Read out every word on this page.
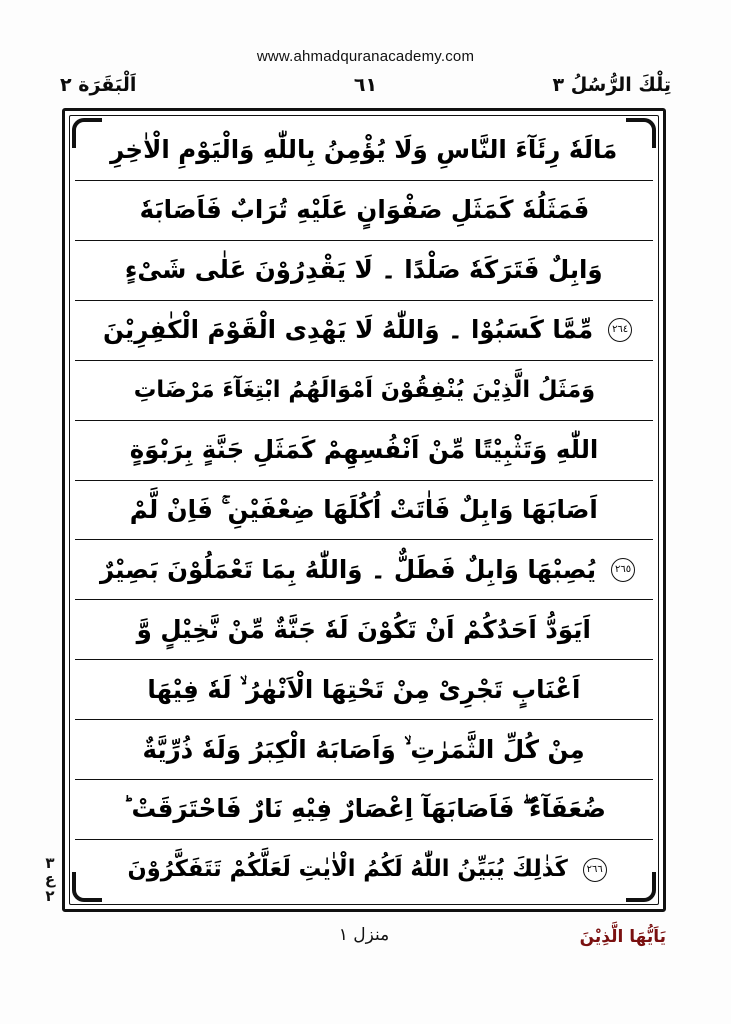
www.ahmadquranacademy.com
اَلْبَقَرَة ٢	٦١	تِلْكَ الرُّسُلُ ٣
مَالَهٗ رِئَآءَ النَّاسِ وَلَا يُؤْمِنُ بِاللّٰهِ وَالْيَوْمِ الْاٰخِرِ
فَمَثَلُهٗ كَمَثَلِ صَفْوَانٍ عَلَيْهِ تُرَابٌ فَاَصَابَهٗ
وَابِلٌ فَتَرَكَهٗ صَلْدًا ۔ لَا يَقْدِرُوْنَ عَلٰى شَىْءٍ
٢٦٤
مِّمَّا كَسَبُوْا ۔ وَاللّٰهُ لَا يَهْدِى الْقَوْمَ الْكٰفِرِيْنَ
وَمَثَلُ الَّذِيْنَ يُنْفِقُوْنَ اَمْوَالَهُمُ ابْتِغَآءَ مَرْضَاتِ
اللّٰهِ وَتَثْبِيْتًا مِّنْ اَنْفُسِهِمْ كَمَثَلِ جَنَّةٍ بِرَبْوَةٍ
اَصَابَهَا وَابِلٌ فَاٰتَتْ اُكُلَهَا ضِعْفَيْنِ ۚ فَاِنْ لَّمْ
٢٦٥
يُصِبْهَا وَابِلٌ فَطَلٌّ ۔ وَاللّٰهُ بِمَا تَعْمَلُوْنَ بَصِيْرٌ
اَيَوَدُّ اَحَدُكُمْ اَنْ تَكُوْنَ لَهٗ جَنَّةٌ مِّنْ نَّخِيْلٍ وَّ
اَعْنَابٍ تَجْرِىْ مِنْ تَحْتِهَا الْاَنْهٰرُ ۙ لَهٗ فِيْهَا
مِنْ كُلِّ الثَّمَرٰتِ ۙ وَاَصَابَهُ الْكِبَرُ وَلَهٗ ذُرِّيَّةٌ
ضُعَفَآءُ ۖ فَاَصَابَهَآ اِعْصَارٌ فِيْهِ نَارٌ فَاحْتَرَقَتْ ؕ
٢٦٦
كَذٰلِكَ يُبَيِّنُ اللّٰهُ لَكُمُ الْاٰيٰتِ لَعَلَّكُمْ تَتَفَكَّرُوْنَ
٣
ع
٢
منزل ١	يَاَيُّهَا الَّذِيْنَ
